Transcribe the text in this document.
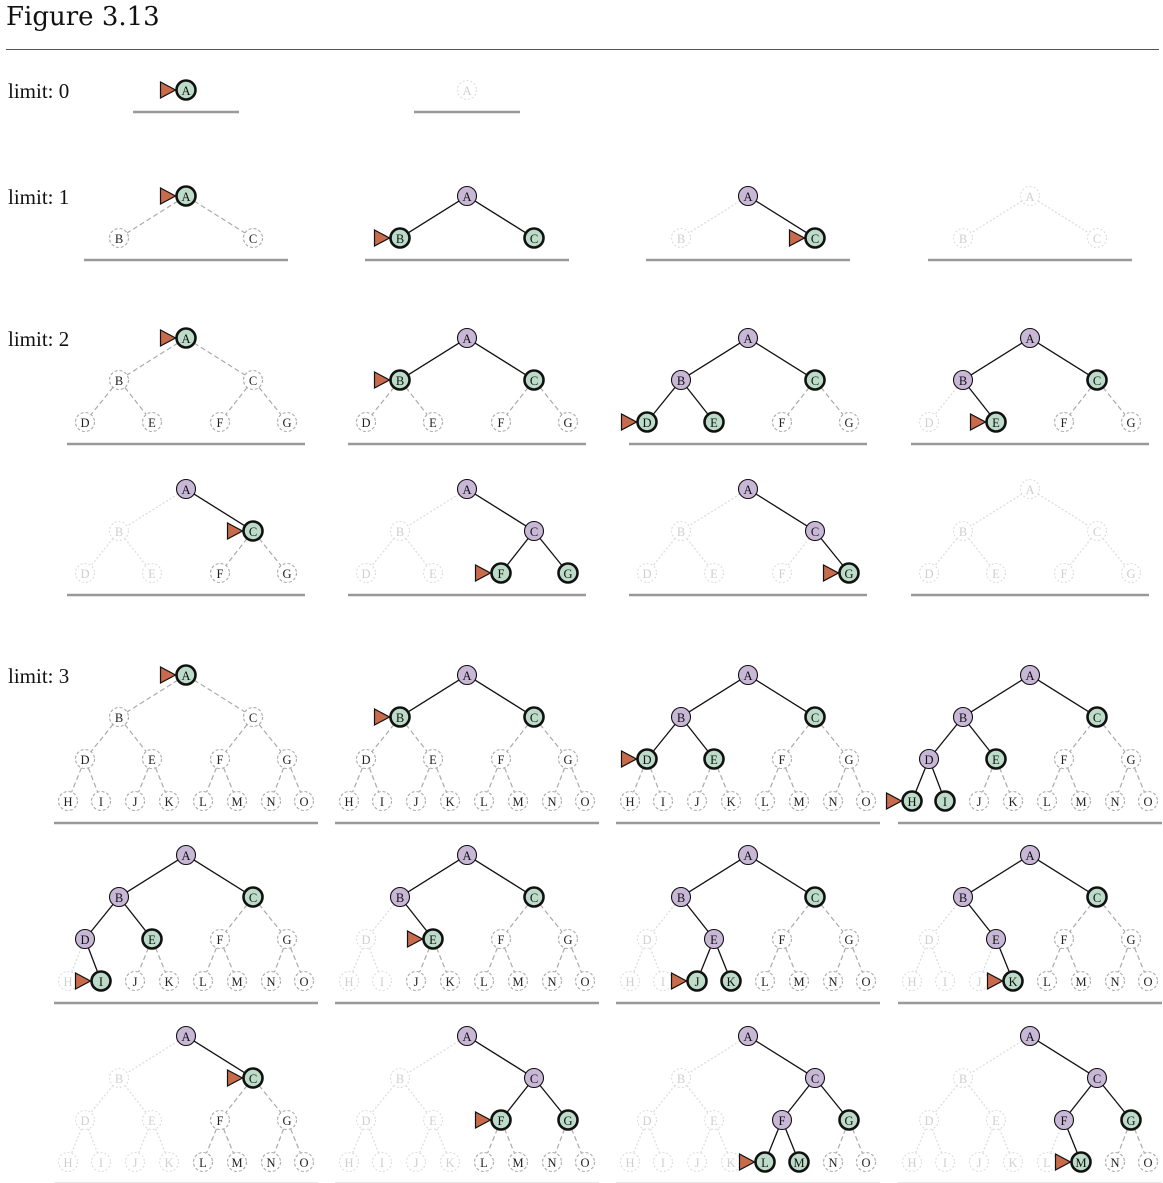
Figure 3.13
limit: 0	A	A
limit: 1	A
B	C
A
B	C
A
B	C
A
B	C
limit: 2	A
B	C
D	E	F	G
A
B	C
D	E	F	G
A
B	C
D	E	F	G
A
B	C
D	E	F	G
A
B	C
D	E	F	G
A
B	C
D	E	F	G
A
B	C
D	E	F	G
A
B	C
D	E	F	G
limit: 3	A
B	C
D	E	F	G
H I J K L M N O
A
B	C
D	E	F	G
H I J K L M N O
A
B	C
D	E	F	G
H I J K L M N O
A
B	C
D	E	F	G
H I J K L M N O
A
B	C
D	E	F	G
H I J K L M N O
A
B	C
D	E	F	G
H I J K L M N O
A
B	C
D	E	F	G
H I J K L M N O
A
B	C
D	E	F	G
H I J K L M N O
A
B	C
D	E	F	G
H I J K L M N O
A
B	C
D	E	F	G
H I J K L M N O
A
B	C
D	E	F	G
H I J K L M N O
A
B	C
D	E	F	G
H I J K L M N O
